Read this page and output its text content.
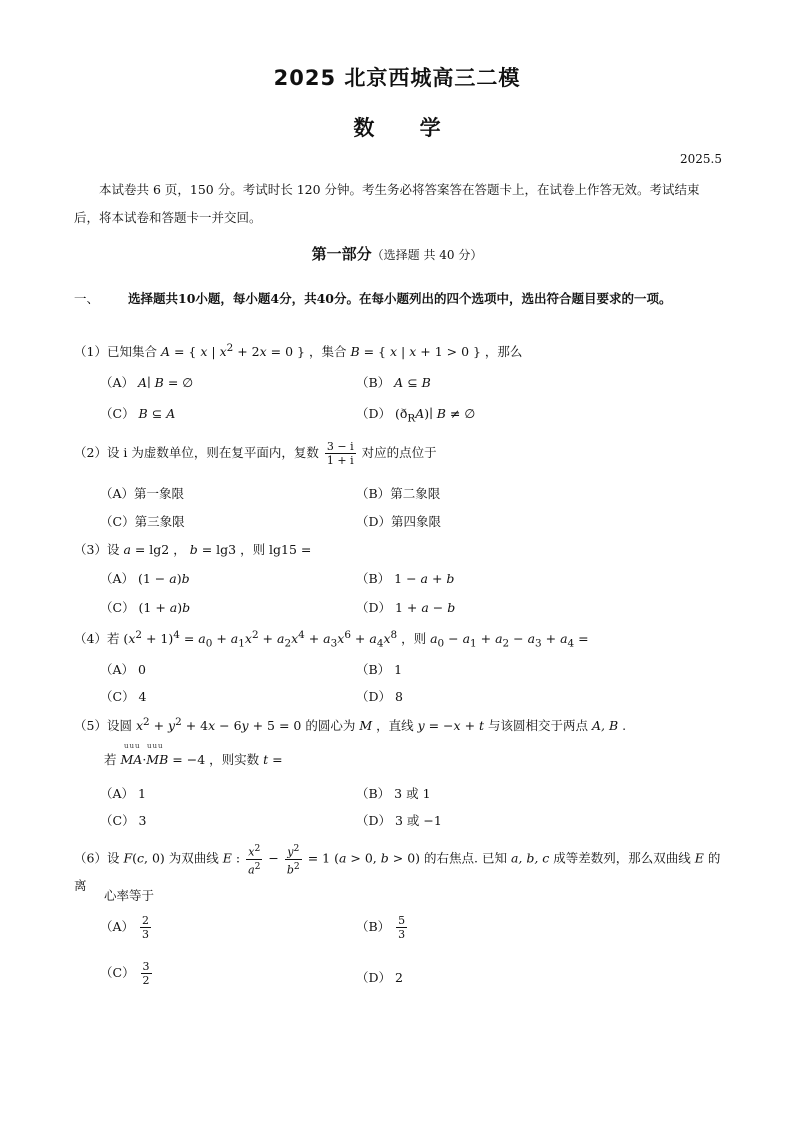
2025 北京西城高三二模
数 学
2025.5
本试卷共 6 页，150 分。考试时长 120 分钟。考生务必将答案答在答题卡上，在试卷上作答无效。考试结束后，将本试卷和答题卡一并交回。
第一部分（选择题 共 40 分）
一、 选择题共10小题，每小题4分，共40分。在每小题列出的四个选项中，选出符合题目要求的一项。
（1）已知集合 A = { x | $x^2 + 2x = 0$ } ，集合 B = { x | x + 1 > 0 } ，那么
（A） A∣ B = ∅	（B） A ⊆ B
（C） B ⊆ A	（D） $(ð_RA)∣$ B ≠ ∅
（2）设 i 为虚数单位，则在复平面内，复数 $\frac{3 - i}{1 + i}$ 对应的点位于
（A）第一象限	（B）第二象限
（C）第三象限	（D）第四象限
（3）设 a = lg2 ， b = lg3 ，则 lg15 =
（A） (1 − a)b	（B） 1 − a + b
（C） (1 + a)b	（D） 1 + a − b
（4）若 $(x^2 + 1)^4 = a_0 + a_1x^2 + a_2x^4 + a_3x^6 + a_4x^8$ ，则 $a_0 - a_1 + a_2 - a_3 + a_4$ =
（A） 0	（B） 1
（C） 4	（D） 8
（5）设圆 $x^2 + y^2 + 4x - 6y + 5 = 0$ 的圆心为 M ，直线 y = −x + t 与该圆相交于两点 A, B .
若 MA·MB = −4 ，则实数 t =
uuu  uuu
（A） 1	（B） 3 或 1
（C） 3	（D） 3 或 −1
（6）设 F(c, 0) 为双曲线 E : $\frac{x^2}{a^2} - \frac{y^2}{b^2} = 1$ (a > 0, b > 0) 的右焦点. 已知 a, b, c 成等差数列，那么双曲线 E 的离
心率等于
$(A) \frac{2}{3}$	$(B) \frac{5}{3}$
$(C) \frac{3}{2}$	（D） 2
